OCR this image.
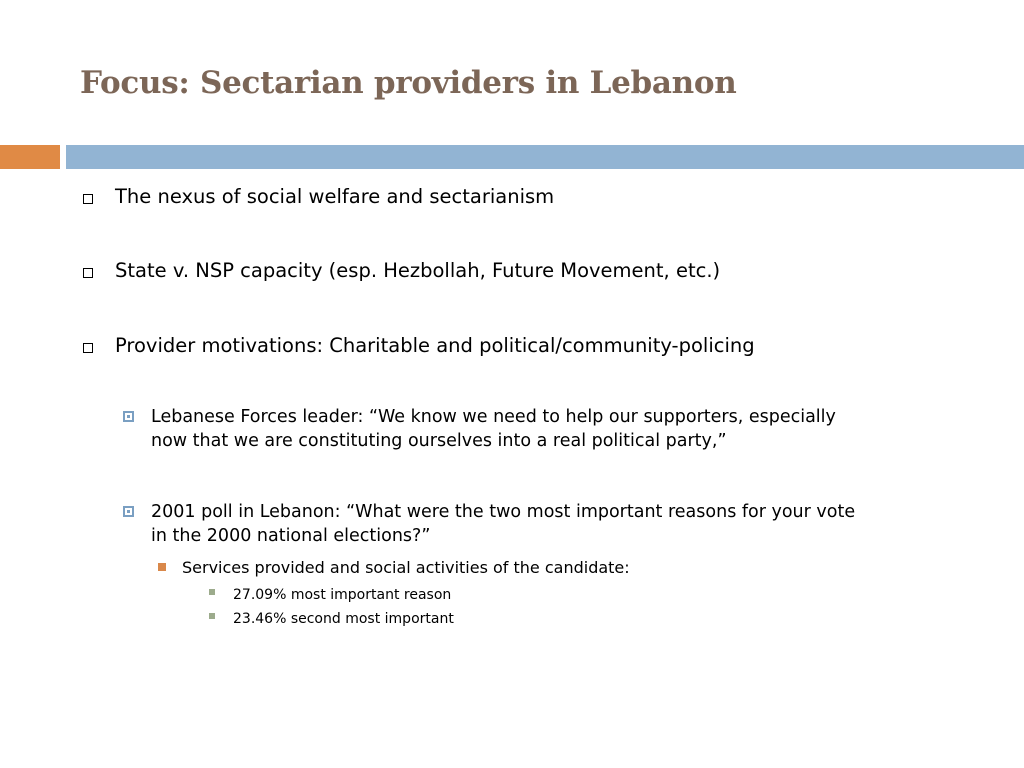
Focus: Sectarian providers in Lebanon
The nexus of social welfare and sectarianism
State v. NSP capacity (esp. Hezbollah, Future Movement, etc.)
Provider motivations: Charitable and political/community-policing
Lebanese Forces leader: “We know we need to help our supporters, especially
now that we are constituting ourselves into a real political party,”
2001 poll in Lebanon: “What were the two most important reasons for your vote
in the 2000 national elections?”
Services provided and social activities of the candidate:
27.09% most important reason
23.46% second most important
